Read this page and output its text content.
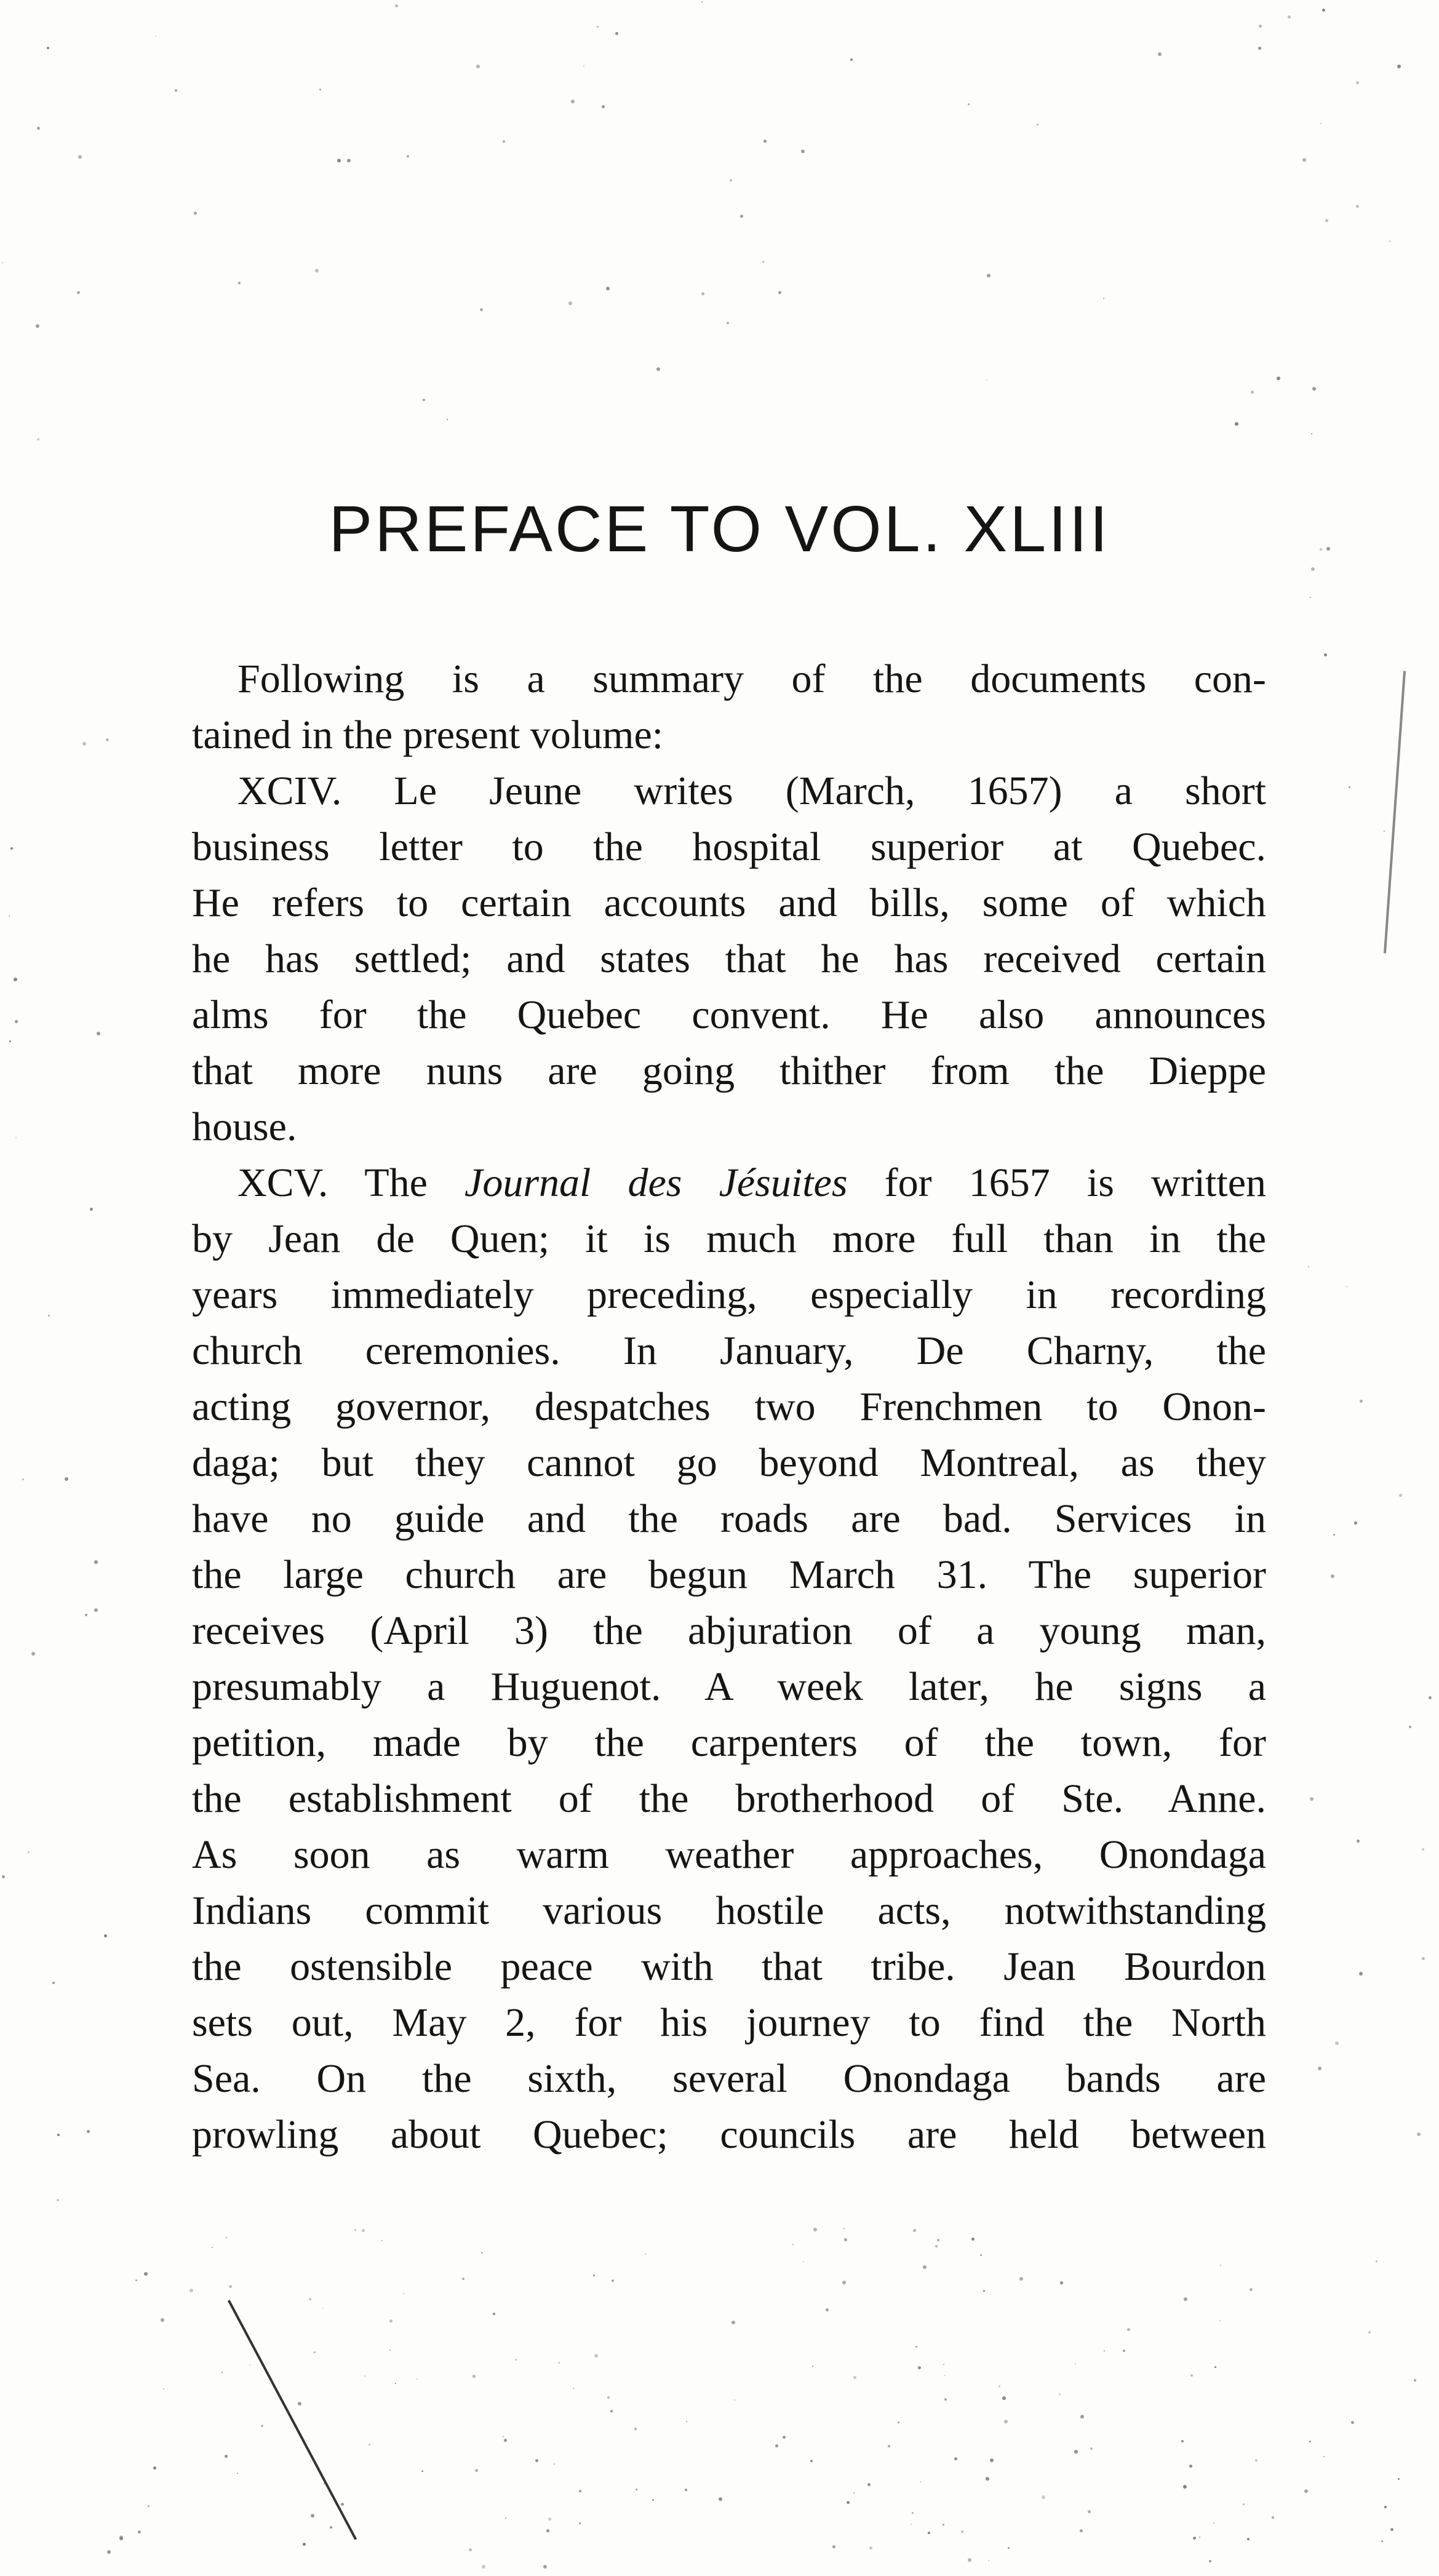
PREFACE TO VOL. XLIII
Following is a summary of the documents con-
tained in the present volume:
XCIV. Le Jeune writes (March, 1657) a short
business letter to the hospital superior at Quebec.
He refers to certain accounts and bills, some of which
he has settled; and states that he has received certain
alms for the Quebec convent. He also announces
that more nuns are going thither from the Dieppe
house.
XCV. The Journal des Jésuites for 1657 is written
by Jean de Quen; it is much more full than in the
years immediately preceding, especially in recording
church ceremonies. In January, De Charny, the
acting governor, despatches two Frenchmen to Onon-
daga; but they cannot go beyond Montreal, as they
have no guide and the roads are bad. Services in
the large church are begun March 31. The superior
receives (April 3) the abjuration of a young man,
presumably a Huguenot. A week later, he signs a
petition, made by the carpenters of the town, for
the establishment of the brotherhood of Ste. Anne.
As soon as warm weather approaches, Onondaga
Indians commit various hostile acts, notwithstanding
the ostensible peace with that tribe. Jean Bourdon
sets out, May 2, for his journey to find the North
Sea. On the sixth, several Onondaga bands are
prowling about Quebec; councils are held between
